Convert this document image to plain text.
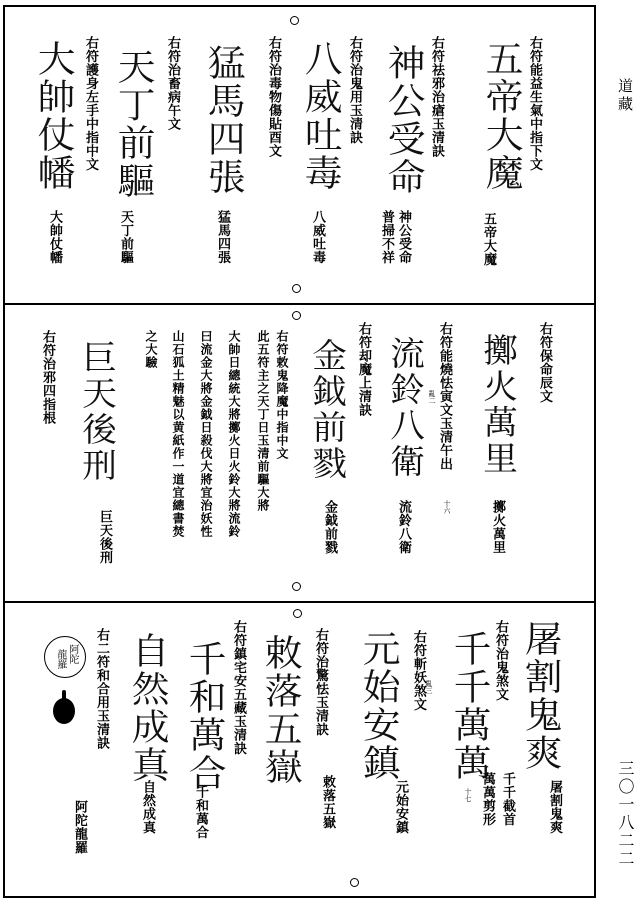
道藏
三〇一八二二
右符能益生氣中指下文
五帝大魔
五帝大魔
右符祛邪治瘡玉清訣
神公受命
神公受命
普掃不祥
右符治鬼用玉清訣
八威吐毒
八威吐毒
右符治毒物傷貼酉文
猛馬四張
猛馬四張
右符治畜病午文
天丁前驅
天丁前驅
右符護身左手中指中文
大帥仗幡
大帥仗幡
右符保命辰文
擲火萬里
擲火萬里
右符能燒怯寅文玉清午出
十六
亂二
流鈴八衛
流鈴八衛
右符却魔上清訣
金鉞前戮
金鉞前戮
右符敕鬼降魔中指中文
此五符主之天丁日玉清前驅大將
大帥日總統大將擲火日火鈴大將流鈴
曰流金大將金鉞日殺伐大將宜治妖性
山石狐土精魅以黄紙作一道宜總書焚
之大驗
巨天後刑
巨天後刑
右符治邪四指根
屠割鬼爽
屠割鬼爽
右符治鬼煞文
千千萬萬
千千截首
萬萬剪形
十七
右符斬妖煞文 亂三
元始安鎮
元始安鎮
右符治驚怯玉清訣
敕落五嶽
敕落五嶽
右符鎮宅安五藏玉清訣
千和萬合
千和萬合
自然成真
自然成真
右二符和合用玉清訣
阿陀龍羅
阿陀
龍羅
